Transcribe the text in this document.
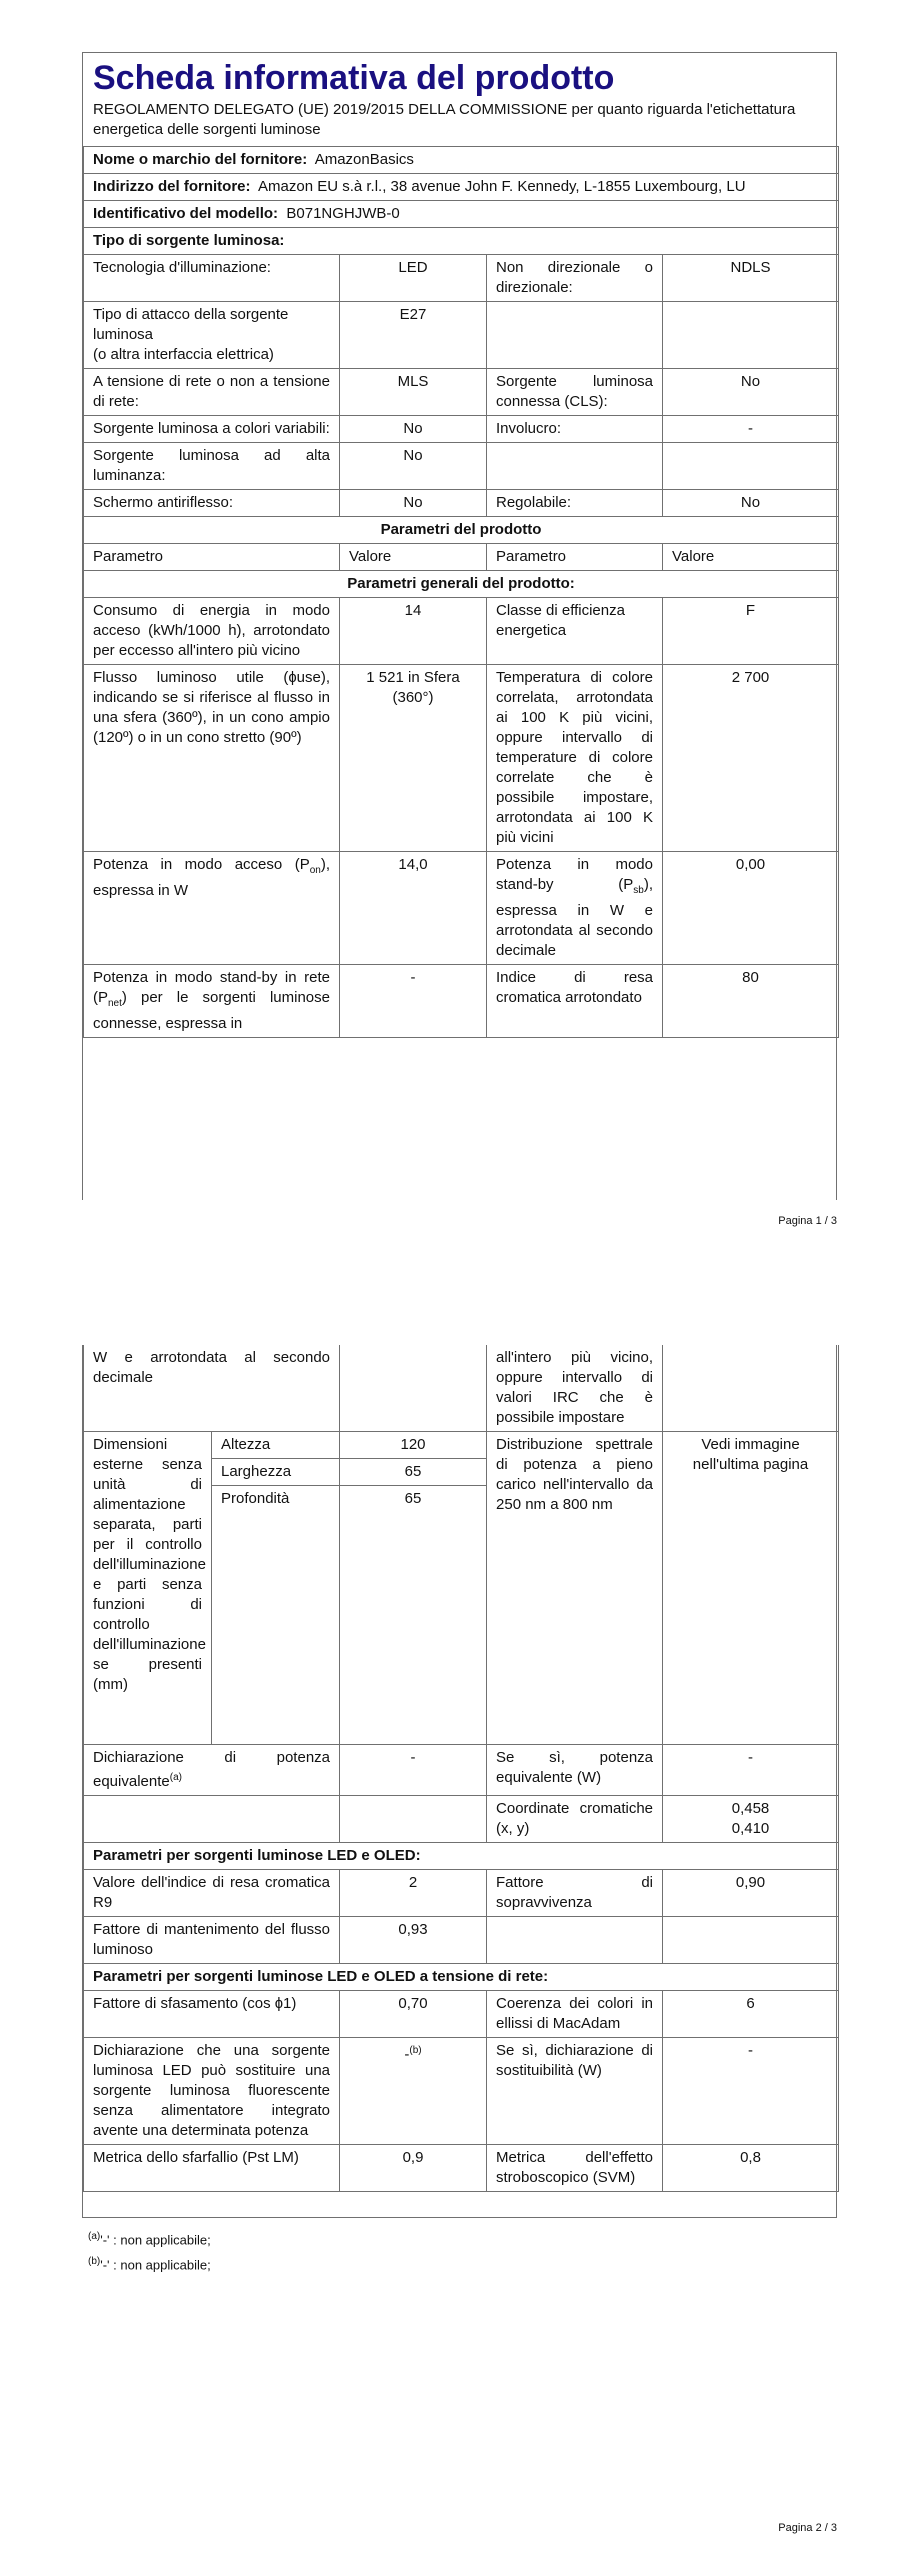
Scheda informativa del prodotto
REGOLAMENTO DELEGATO (UE) 2019/2015 DELLA COMMISSIONE per quanto riguarda l'etichettatura energetica delle sorgenti luminose
Nome o marchio del fornitore: AmazonBasics			
Indirizzo del fornitore: Amazon EU s.à r.l., 38 avenue John F. Kennedy, L-1855 Luxembourg, LU			
Identificativo del modello: B071NGHJWB-0			
Tipo di sorgente luminosa:			
Tecnologia d'illuminazione:	LED	Non direzionale o direzionale:	NDLS

Tipo di attacco della sorgente luminosa
(o altra interfaccia elettrica)	E27		
A tensione di rete o non a tensione di rete:	MLS	Sorgente luminosa connessa (CLS):	No
Sorgente luminosa a colori variabili:	No	Involucro:	-
Sorgente luminosa ad alta luminanza:	No		
Schermo antiriflesso:	No	Regolabile:	No
Parametri del prodotto			
Parametro	Valore	Parametro	Valore
Parametri generali del prodotto:			
Consumo di energia in modo acceso (kWh/1000 h), arrotondato per eccesso all'intero più vicino	14	Classe di efficienza energetica	F
Flusso luminoso utile (ɸuse), indicando se si riferisce al flusso in una sfera (360º), in un cono ampio (120º) o in un cono stretto (90º)	1 521 in Sfera (360°)	Temperatura di colore correlata, arrotondata ai 100 K più vicini, oppure intervallo di temperature di colore correlate che è possibile impostare, arrotondata ai 100 K più vicini	2 700
Potenza in modo acceso $(P_{on})$, espressa in W	14,0	Potenza in modo stand-by $(P_{sb})$, espressa in W e arrotondata al secondo decimale	0,00
Potenza in modo stand-by in rete $(P_{net})$ per le sorgenti luminose connesse, espressa in	-	Indice di resa cromatica arrotondato	80
Pagina 1 / 3
W e arrotondata al secondo decimale			all'intero più vicino, oppure intervallo di valori IRC che è possibile impostare	
Dimensioni esterne senza unità di alimentazione separata, parti per il controllo dell'illuminazione e parti senza funzioni di controllo dell'illuminazione se presenti (mm)	Altezza	120	Distribuzione spettrale di potenza a pieno carico nell'intervallo da 250 nm a 800 nm	Vedi immagine nell'ultima pagina
	Larghezza	65		
	Profondità	65		

Dichiarazione di potenza equivalente$^{(a)}$		-	Se sì, potenza equivalente (W)	-
			Coordinate cromatiche (x, y)	0,458
0,410

Parametri per sorgenti luminose LED e OLED:				
Valore dell'indice di resa cromatica R9		2	Fattore di sopravvivenza	0,90
Fattore di mantenimento del flusso luminoso		0,93		
Parametri per sorgenti luminose LED e OLED a tensione di rete:				
Fattore di sfasamento (cos ɸ1)		0,70	Coerenza dei colori in ellissi di MacAdam	6
Dichiarazione che una sorgente luminosa LED può sostituire una sorgente luminosa fluorescente senza alimentatore integrato avente una determinata potenza		-$^{(b)}$	Se sì, dichiarazione di sostituibilità (W)	-
Metrica dello sfarfallio (Pst LM)		0,9	Metrica dell'effetto stroboscopico (SVM)	0,8
$^{(a)}$'-' : non applicabile;
$^{(b)}$'-' : non applicabile;
Pagina 2 / 3
